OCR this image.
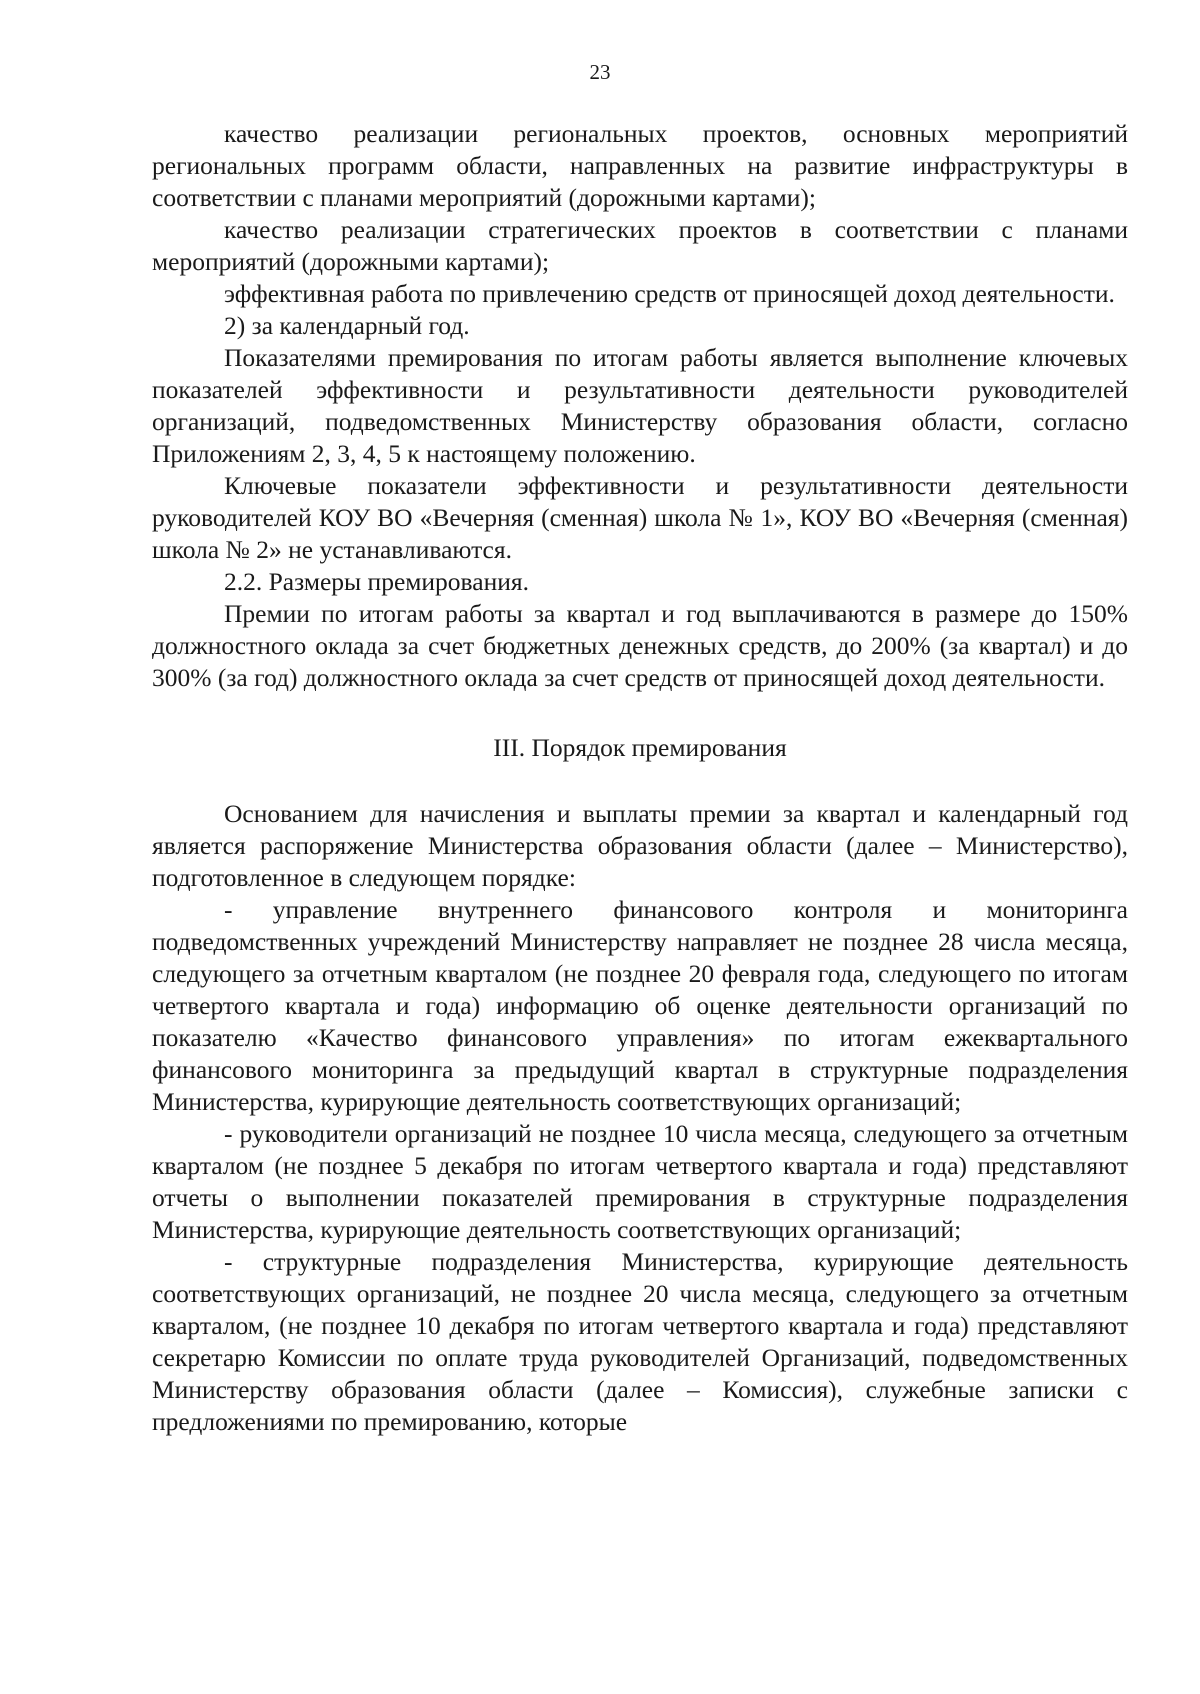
23

качество реализации региональных проектов, основных мероприятий региональных программ области, направленных на развитие инфраструктуры в соответствии с планами мероприятий (дорожными картами);

качество реализации стратегических проектов в соответствии с планами мероприятий (дорожными картами);

эффективная работа по привлечению средств от приносящей доход деятельности.

2) за календарный год.

Показателями премирования по итогам работы является выполнение ключевых показателей эффективности и результативности деятельности руководителей организаций, подведомственных Министерству образования области, согласно Приложениям 2, 3, 4, 5 к настоящему положению.

Ключевые показатели эффективности и результативности деятельности руководителей КОУ ВО «Вечерняя (сменная) школа № 1», КОУ ВО «Вечерняя (сменная) школа № 2» не устанавливаются.

2.2. Размеры премирования.

Премии по итогам работы за квартал и год выплачиваются в размере до 150% должностного оклада за счет бюджетных денежных средств, до 200% (за квартал) и до 300% (за год) должностного оклада за счет средств от приносящей доход деятельности.

III. Порядок премирования

Основанием для начисления и выплаты премии за квартал и календарный год является распоряжение Министерства образования области (далее – Министерство), подготовленное в следующем порядке:

- управление внутреннего финансового контроля и мониторинга подведомственных учреждений Министерству направляет не позднее 28 числа месяца, следующего за отчетным кварталом (не позднее 20 февраля года, следующего по итогам четвертого квартала и года) информацию об оценке деятельности организаций по показателю «Качество финансового управления» по итогам ежеквартального финансового мониторинга за предыдущий квартал в структурные подразделения Министерства, курирующие деятельность соответствующих организаций;

- руководители организаций не позднее 10 числа месяца, следующего за отчетным кварталом (не позднее 5 декабря по итогам четвертого квартала и года) представляют отчеты о выполнении показателей премирования в структурные подразделения Министерства, курирующие деятельность соответствующих организаций;

- структурные подразделения Министерства, курирующие деятельность соответствующих организаций, не позднее 20 числа месяца, следующего за отчетным кварталом, (не позднее 10 декабря по итогам четвертого квартала и года) представляют секретарю Комиссии по оплате труда руководителей Организаций, подведомственных Министерству образования области (далее – Комиссия), служебные записки с предложениями по премированию, которые
